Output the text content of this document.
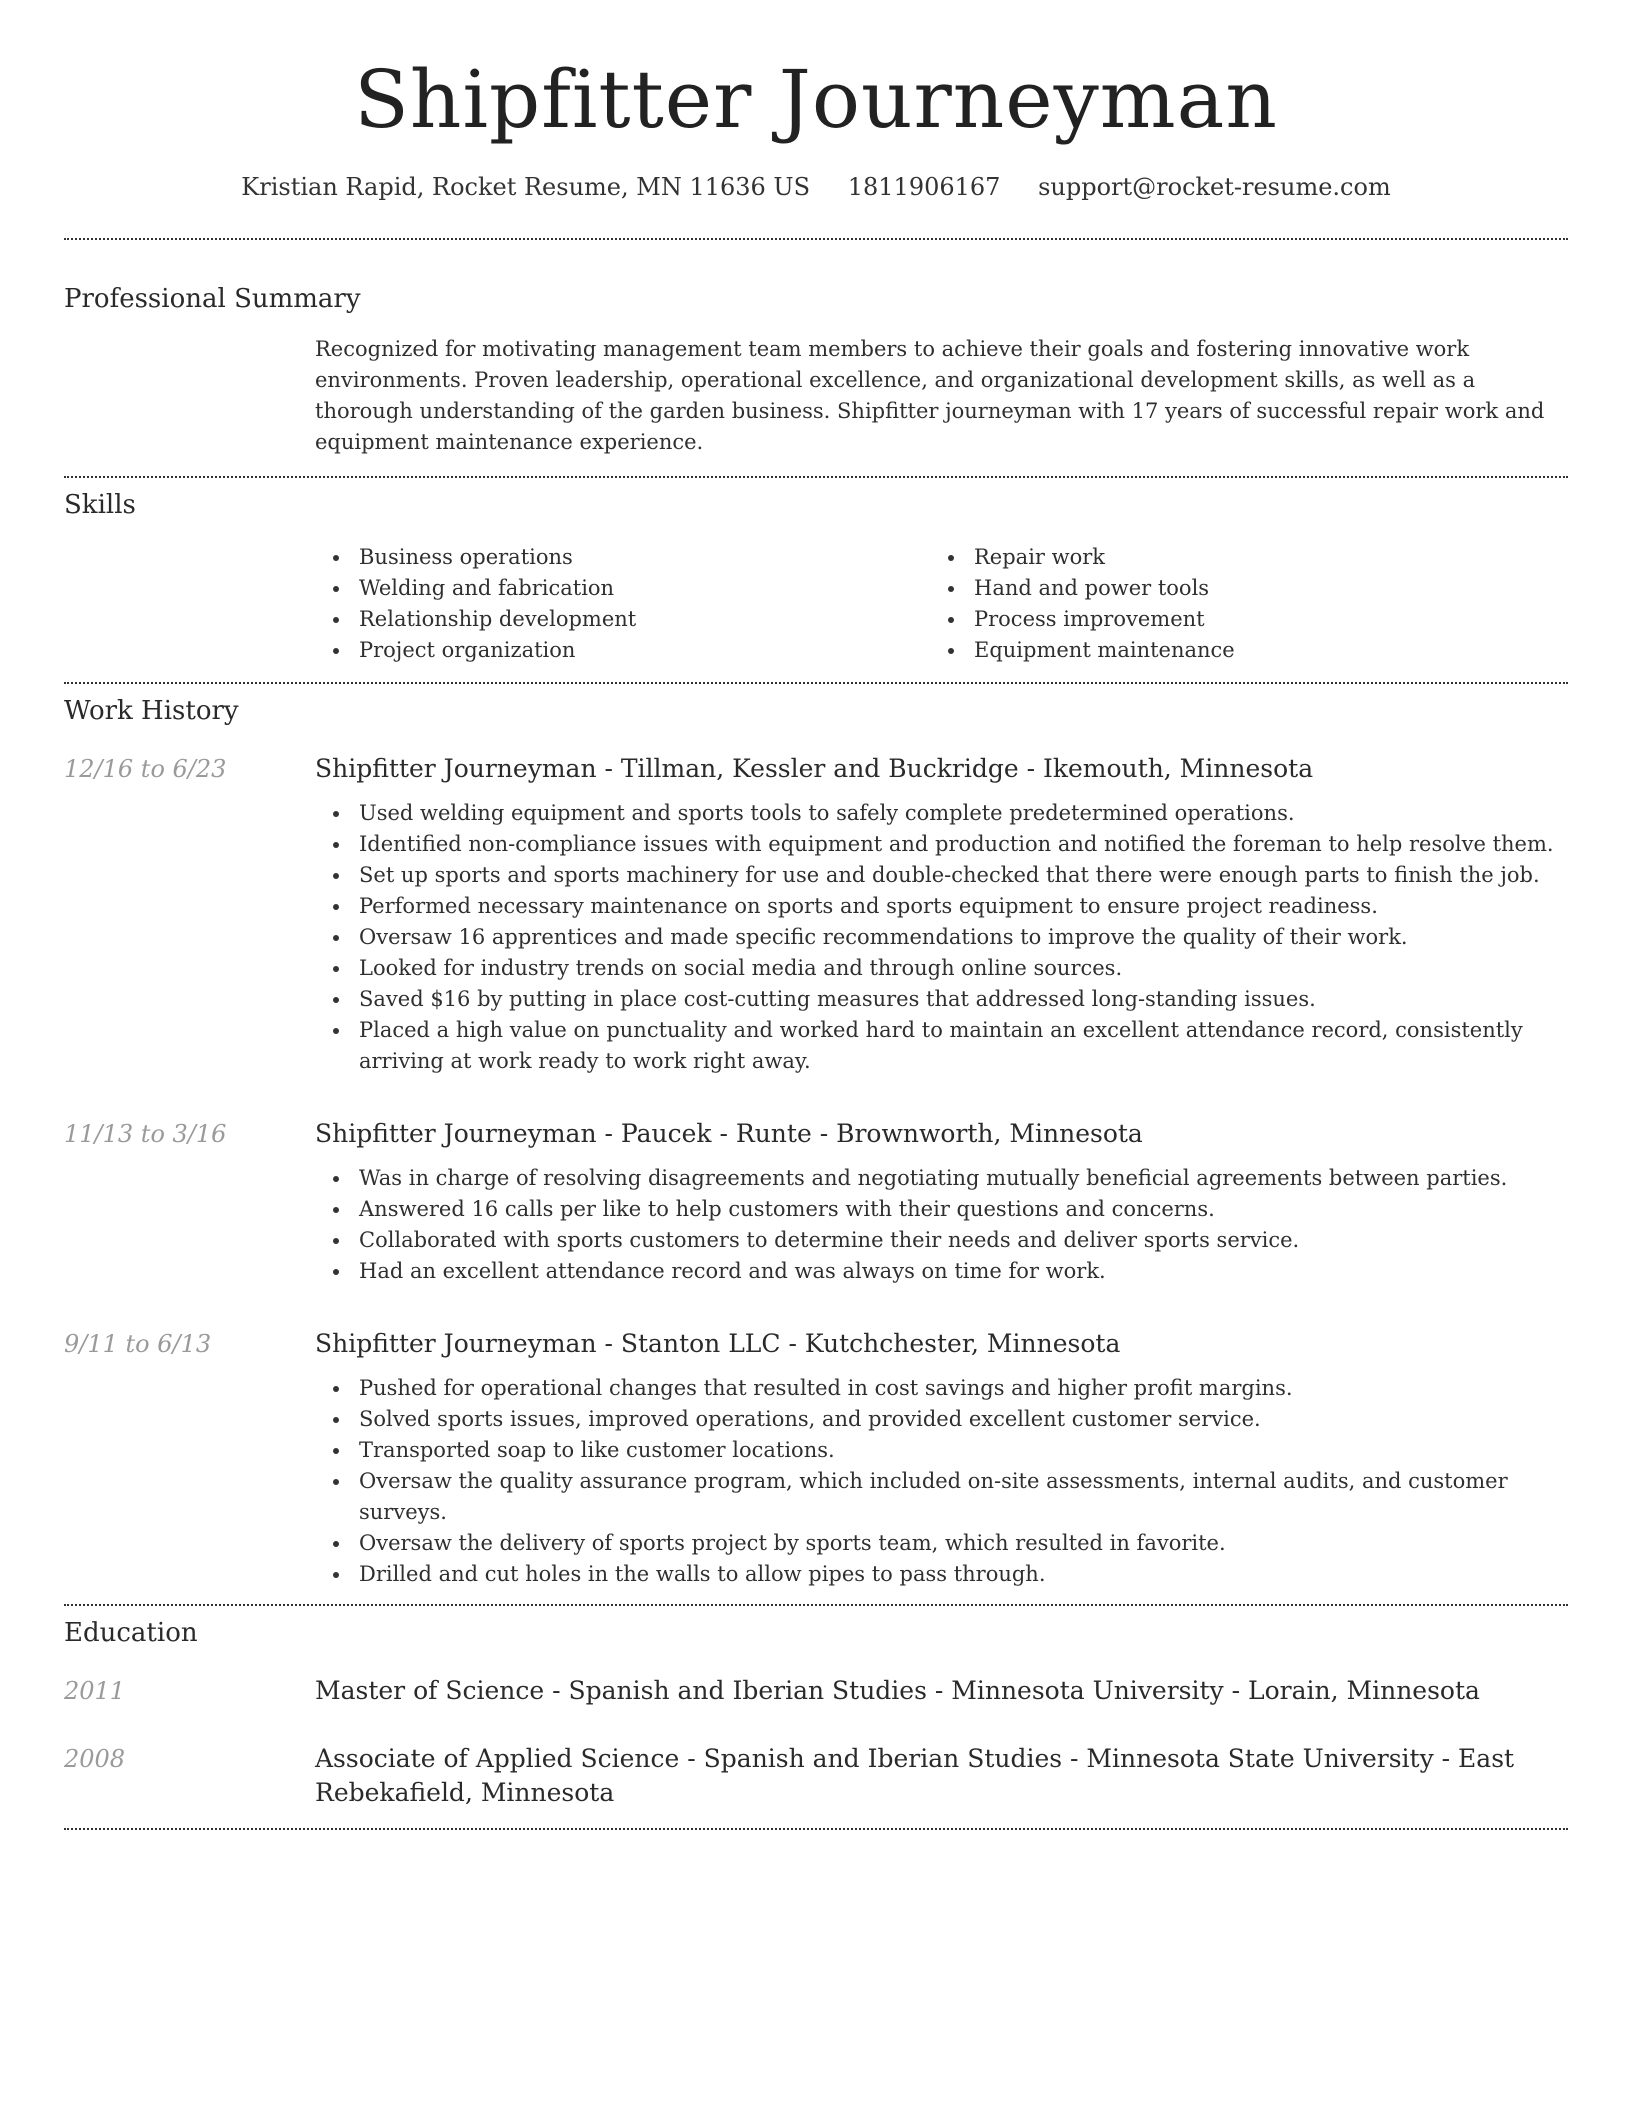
Shipfitter Journeyman
Kristian Rapid, Rocket Resume, MN 11636 US 1811906167 support@rocket-resume.com
Professional Summary
Recognized for motivating management team members to achieve their goals and fostering innovative work environments. Proven leadership, operational excellence, and organizational development skills, as well as a thorough understanding of the garden business. Shipfitter journeyman with 17 years of successful repair work and equipment maintenance experience.
Skills
Business operations
Welding and fabrication
Relationship development
Project organization
Repair work
Hand and power tools
Process improvement
Equipment maintenance
Work History
12/16 to 6/23	Shipfitter Journeyman - Tillman, Kessler and Buckridge - Ikemouth, Minnesota
Used welding equipment and sports tools to safely complete predetermined operations.
Identified non-compliance issues with equipment and production and notified the foreman to help resolve them.
Set up sports and sports machinery for use and double-checked that there were enough parts to finish the job.
Performed necessary maintenance on sports and sports equipment to ensure project readiness.
Oversaw 16 apprentices and made specific recommendations to improve the quality of their work.
Looked for industry trends on social media and through online sources.
Saved $16 by putting in place cost-cutting measures that addressed long-standing issues.
Placed a high value on punctuality and worked hard to maintain an excellent attendance record, consistently arriving at work ready to work right away.
11/13 to 3/16	Shipfitter Journeyman - Paucek - Runte - Brownworth, Minnesota
Was in charge of resolving disagreements and negotiating mutually beneficial agreements between parties.
Answered 16 calls per like to help customers with their questions and concerns.
Collaborated with sports customers to determine their needs and deliver sports service.
Had an excellent attendance record and was always on time for work.
9/11 to 6/13	Shipfitter Journeyman - Stanton LLC - Kutchchester, Minnesota
Pushed for operational changes that resulted in cost savings and higher profit margins.
Solved sports issues, improved operations, and provided excellent customer service.
Transported soap to like customer locations.
Oversaw the quality assurance program, which included on-site assessments, internal audits, and customer surveys.
Oversaw the delivery of sports project by sports team, which resulted in favorite.
Drilled and cut holes in the walls to allow pipes to pass through.
Education
2011	Master of Science - Spanish and Iberian Studies - Minnesota University - Lorain, Minnesota
2008	Associate of Applied Science - Spanish and Iberian Studies - Minnesota State University - East Rebekafield, Minnesota
